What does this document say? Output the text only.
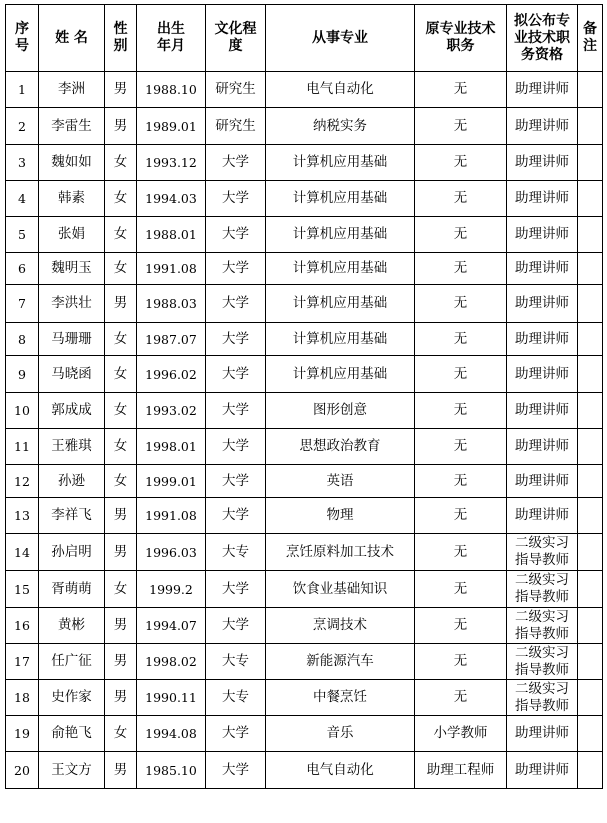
序号	姓 名	性别	出生年月	文化程度	从事专业	原专业技术职务	拟公布专业技术职务资格	备注
1	李洲	男	1988.10	研究生	电气自动化	无	助理讲师	
2	李雷生	男	1989.01	研究生	纳税实务	无	助理讲师	
3	魏如如	女	1993.12	大学	计算机应用基础	无	助理讲师	
4	韩素	女	1994.03	大学	计算机应用基础	无	助理讲师	
5	张娟	女	1988.01	大学	计算机应用基础	无	助理讲师	
6	魏明玉	女	1991.08	大学	计算机应用基础	无	助理讲师	
7	李洪壮	男	1988.03	大学	计算机应用基础	无	助理讲师	
8	马珊珊	女	1987.07	大学	计算机应用基础	无	助理讲师	
9	马晓函	女	1996.02	大学	计算机应用基础	无	助理讲师	
10	郭成成	女	1993.02	大学	图形创意	无	助理讲师	
11	王雅琪	女	1998.01	大学	思想政治教育	无	助理讲师	
12	孙逊	女	1999.01	大学	英语	无	助理讲师	
13	李祥飞	男	1991.08	大学	物理	无	助理讲师	
14	孙启明	男	1996.03	大专	烹饪原料加工技术	无	二级实习指导教师	
15	胥萌萌	女	1999.2	大学	饮食业基础知识	无	二级实习指导教师	
16	黄彬	男	1994.07	大学	烹调技术	无	二级实习指导教师	
17	任广征	男	1998.02	大专	新能源汽车	无	二级实习指导教师	
18	史作家	男	1990.11	大专	中餐烹饪	无	二级实习指导教师	
19	俞艳飞	女	1994.08	大学	音乐	小学教师	助理讲师	
20	王文方	男	1985.10	大学	电气自动化	助理工程师	助理讲师	
